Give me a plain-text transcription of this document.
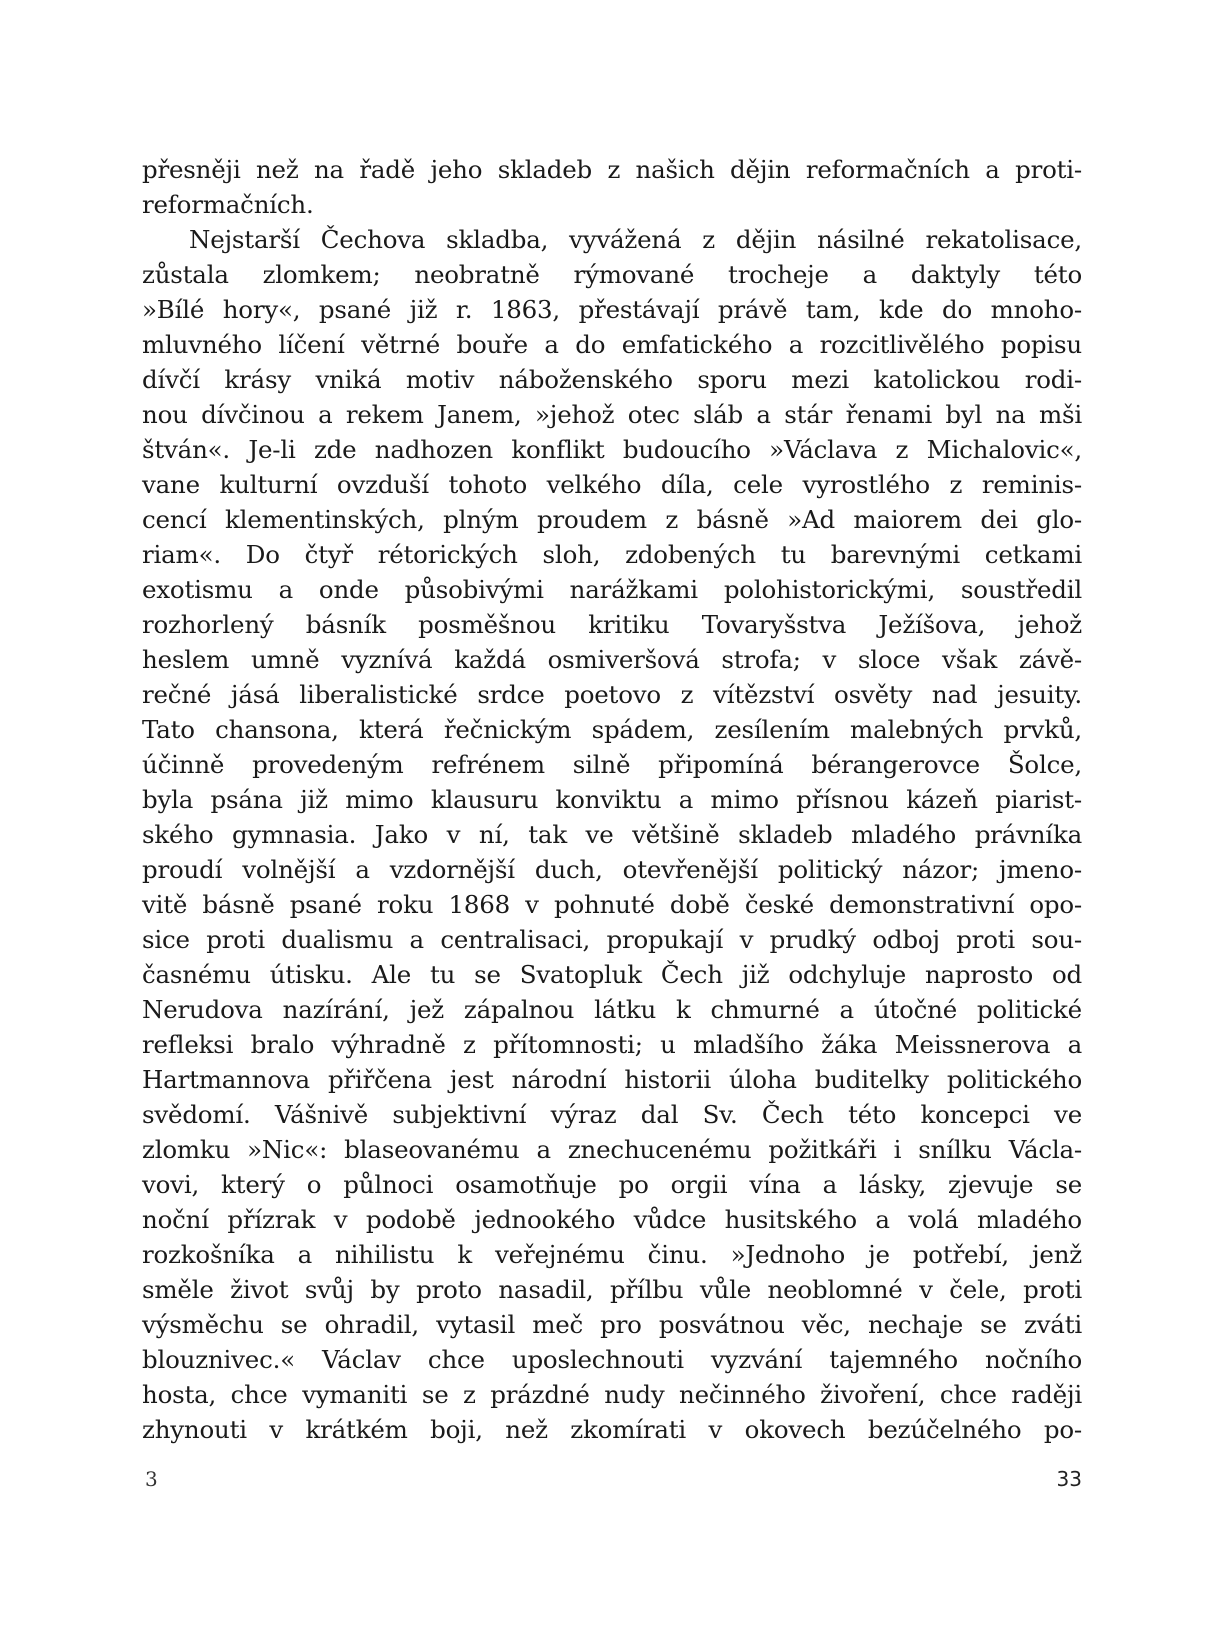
přesněji než na řadě jeho skladeb z našich dějin reformačních a proti-
reformačních.
Nejstarší Čechova skladba, vyvážená z dějin násilné rekatolisace,
zůstala zlomkem; neobratně rýmované trocheje a daktyly této
»Bílé hory«, psané již r. 1863, přestávají právě tam, kde do mnoho-
mluvného líčení větrné bouře a do emfatického a rozcitlivělého popisu
dívčí krásy vniká motiv náboženského sporu mezi katolickou rodi-
nou dívčinou a rekem Janem, »jehož otec sláb a stár řenami byl na mši
štván«. Je-li zde nadhozen konflikt budoucího »Václava z Michalovic«,
vane kulturní ovzduší tohoto velkého díla, cele vyrostlého z reminis-
cencí klementinských, plným proudem z básně »Ad maiorem dei glo-
riam«. Do čtyř rétorických sloh, zdobených tu barevnými cetkami
exotismu a onde působivými narážkami polohistorickými, soustředil
rozhorlený básník posměšnou kritiku Tovaryšstva Ježíšova, jehož
heslem umně vyznívá každá osmiveršová strofa; v sloce však závě-
rečné jásá liberalistické srdce poetovo z vítězství osvěty nad jesuity.
Tato chansona, která řečnickým spádem, zesílením malebných prvků,
účinně provedeným refrénem silně připomíná bérangerovce Šolce,
byla psána již mimo klausuru konviktu a mimo přísnou kázeň piarist-
ského gymnasia. Jako v ní, tak ve většině skladeb mladého právníka
proudí volnější a vzdornější duch, otevřenější politický názor; jmeno-
vitě básně psané roku 1868 v pohnuté době české demonstrativní opo-
sice proti dualismu a centralisaci, propukají v prudký odboj proti sou-
časnému útisku. Ale tu se Svatopluk Čech již odchyluje naprosto od
Nerudova nazírání, jež zápalnou látku k chmurné a útočné politické
refleksi bralo výhradně z přítomnosti; u mladšího žáka Meissnerova a
Hartmannova přiřčena jest národní historii úloha buditelky politického
svědomí. Vášnivě subjektivní výraz dal Sv. Čech této koncepci ve
zlomku »Nic«: blaseovanému a znechucenému požitkáři i snílku Václa-
vovi, který o půlnoci osamotňuje po orgii vína a lásky, zjevuje se
noční přízrak v podobě jednookého vůdce husitského a volá mladého
rozkošníka a nihilistu k veřejnému činu. »Jednoho je potřebí, jenž
směle život svůj by proto nasadil, přílbu vůle neoblomné v čele, proti
výsměchu se ohradil, vytasil meč pro posvátnou věc, nechaje se zváti
blouznivec.« Václav chce uposlechnouti vyzvání tajemného nočního
hosta, chce vymaniti se z prázdné nudy nečinného živoření, chce raději
zhynouti v krátkém boji, než zkomírati v okovech bezúčelného po-
3	33
